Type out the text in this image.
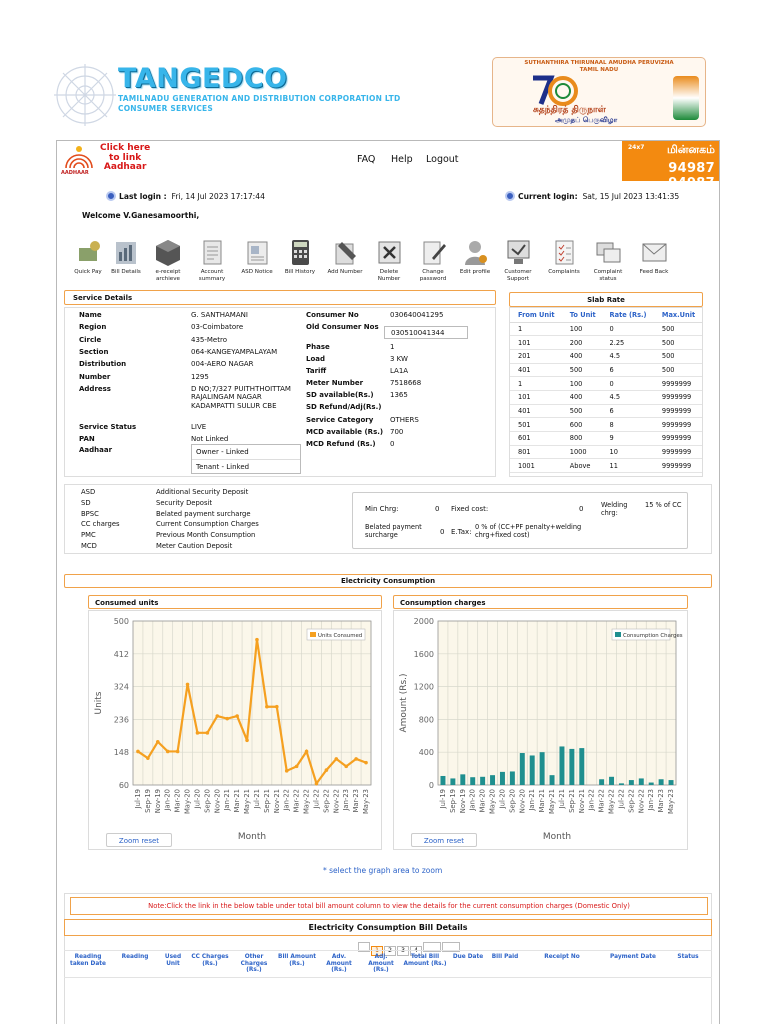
TANGEDCO
TAMILNADU GENERATION AND DISTRIBUTION CORPORATION LTD
CONSUMER SERVICES
SUTHANTHIRA THIRUNAAL AMUDHA PERUVIZHA
TAMIL NADU
சுதந்திரத் திருநாள்
அமுதப் பெருவிழா
AADHAAR
Click here
to link
Aadhaar
FAQ Help Logout
24x7	மின்னகம்
94987 94987
Last login : Fri, 14 Jul 2023 17:17:44	Current login: Sat, 15 Jul 2023 13:41:35
Welcome V.Ganesamoorthi,
Quick Pay	Bill Details	e-receipt archieve
Account summary
ASD Notice	Bill History	Add Number	Delete Number
Change password
Edit profile	Customer Support
Complaints	Complaint status
Feed Back
Service Details
Name	G. SANTHAMANI
Region	03-Coimbatore
Circle	435-Metro
Section	064-KANGEYAMPALAYAM
Distribution	004-AERO NAGAR
Number	1295
Address	D NO;7/327 PUITHTHOITTAM RAJALINGAM NAGAR KADAMPATTI SULUR CBE
Service Status	LIVE
PAN	Not Linked
Aadhaar	Owner - Linked
Tenant - Linked
Consumer No	030640041295
Old Consumer Nos
030510041344
Phase	1
Load	3 KW
Tariff	LA1A
Meter Number	7518668
SD available(Rs.) 1365
SD Refund/Adj(Rs.)
Service Category OTHERS
MCD available (Rs.) 700
MCD Refund (Rs.) 0
Slab Rate
From Unit	To Unit	Rate (Rs.)	Max.Unit
1	100	0	500
101	200	2.25	500
201	400	4.5	500
401	500	6	500
1	100	0	9999999
101	400	4.5	9999999
401	500	6	9999999
501	600	8	9999999
601	800	9	9999999
801	1000	10	9999999
1001	Above	11	9999999
ASD	Additional Security Deposit
SD	Security Deposit
BPSC	Belated payment surcharge
CC charges	Current Consumption Charges
PMC	Previous Month Consumption
MCD	Meter Caution Deposit
Min Chrg:	0 Fixed cost:	0	Welding chrg:
15 % of CC
Belated payment surcharge	0 E.Tax:
0 % of (CC+PF penalty+welding chrg+fixed cost)
Electricity Consumption
Consumed units	Consumption charges
60
148
236
324
412
500
Jul-19 Sep-19 Nov-19 Jan-20 Mar-20 May-20 Jul-20 Sep-20 Nov-20 Jan-21 Mar-21 May-21 Jul-21 Sep-21 Nov-21 Jan-22 Mar-22 May-22 Jul-22 Sep-22 Nov-22 Jan-23 Mar-23 May-23
Month
Units
Units Consumed
0
400
800
1200
1600
2000
Jul-19 Sep-19 Nov-19 Jan-20 Mar-20 May-20 Jul-20 Sep-20 Nov-20 Jan-21 Mar-21 May-21 Jul-21 Sep-21 Nov-21 Jan-22 Mar-22 May-22 Jul-22 Sep-22 Nov-22 Jan-23 Mar-23 May-23
Month
Amount (Rs.)
Consumption Charges
Zoom reset	Zoom reset
* select the graph area to zoom
Note:Click the link in the below table under total bill amount column to view the details for the current consumption charges (Domestic Only)
Electricity Consumption Bill Details
1 2 3 4
Reading taken Date	Reading	Used Unit	CC Charges (Rs.)	Other Charges (Rs.)	Bill Amount (Rs.)	Adv. Amount (Rs.)	Adj. Amount (Rs.)	Total Bill Amount (Rs.)	Due Date	Bill Paid	Receipt No	Payment Date	Status
